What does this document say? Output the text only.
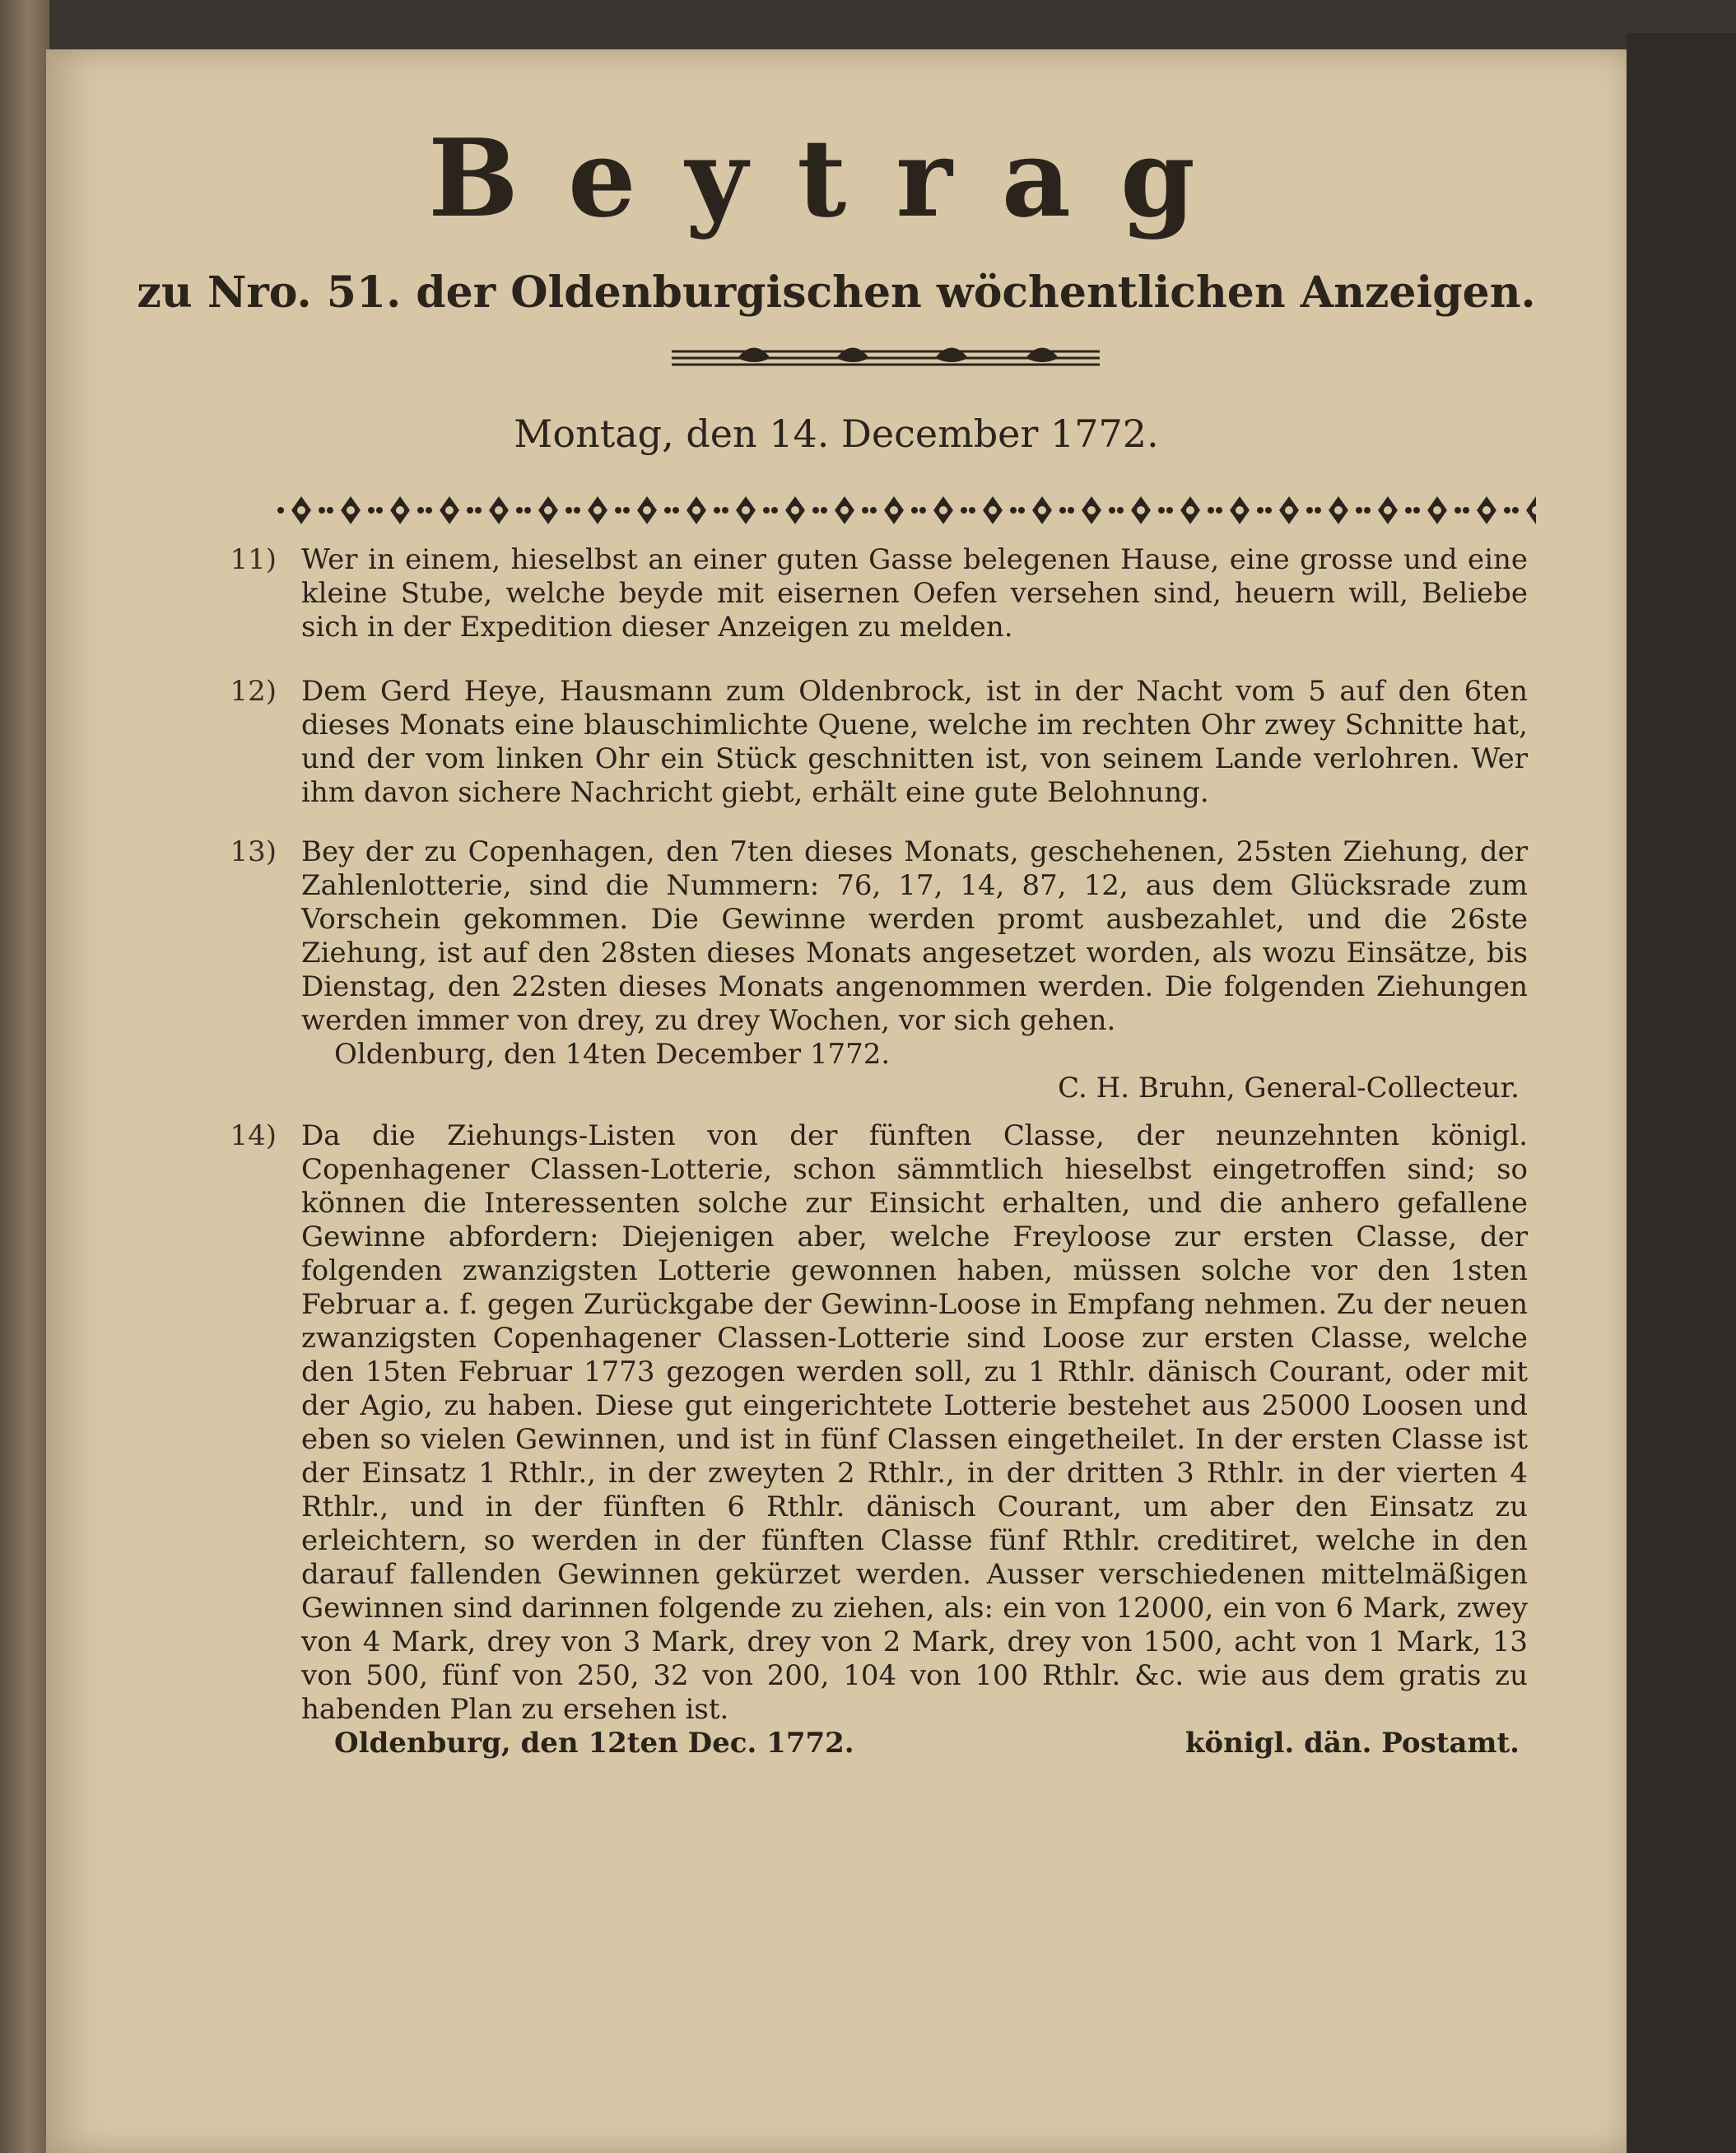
Beytrag
zu Nro. 51. der Oldenburgischen wöchentlichen Anzeigen.
Montag, den 14. December 1772.
11) Wer in einem, hieselbst an einer guten Gasse belegenen Hause, eine grosse und eine kleine Stube, welche beyde mit eisernen Oefen versehen sind, heuern will, Beliebe sich in der Expedition dieser Anzeigen zu melden.
12) Dem Gerd Heye, Hausmann zum Oldenbrock, ist in der Nacht vom 5 auf den 6ten dieses Monats eine blauschimlichte Quene, welche im rechten Ohr zwey Schnitte hat, und der vom linken Ohr ein Stück geschnitten ist, von seinem Lande verlohren. Wer ihm davon sichere Nachricht giebt, erhält eine gute Belohnung.
13) Bey der zu Copenhagen, den 7ten dieses Monats, geschehenen, 25sten Ziehung, der Zahlenlotterie, sind die Nummern: 76, 17, 14, 87, 12, aus dem Glücksrade zum Vorschein gekommen. Die Gewinne werden promt ausbezahlet, und die 26ste Ziehung, ist auf den 28sten dieses Monats angesetzet worden, als wozu Einsätze, bis Dienstag, den 22sten dieses Monats angenommen werden. Die folgenden Ziehungen werden immer von drey, zu drey Wochen, vor sich gehen.
Oldenburg, den 14ten December 1772.
C. H. Bruhn, General-Collecteur.
14) Da die Ziehungs-Listen von der fünften Classe, der neunzehnten königl. Copenhagener Classen-Lotterie, schon sämmtlich hieselbst eingetroffen sind; so können die Interessenten solche zur Einsicht erhalten, und die anhero gefallene Gewinne abfordern: Diejenigen aber, welche Freyloose zur ersten Classe, der folgenden zwanzigsten Lotterie gewonnen haben, müssen solche vor den 1sten Februar a. f. gegen Zurückgabe der Gewinn-Loose in Empfang nehmen. Zu der neuen zwanzigsten Copenhagener Classen-Lotterie sind Loose zur ersten Classe, welche den 15ten Februar 1773 gezogen werden soll, zu 1 Rthlr. dänisch Courant, oder mit der Agio, zu haben. Diese gut eingerichtete Lotterie bestehet aus 25000 Loosen und eben so vielen Gewinnen, und ist in fünf Classen eingetheilet. In der ersten Classe ist der Einsatz 1 Rthlr., in der zweyten 2 Rthlr., in der dritten 3 Rthlr. in der vierten 4 Rthlr., und in der fünften 6 Rthlr. dänisch Courant, um aber den Einsatz zu erleichtern, so werden in der fünften Classe fünf Rthlr. creditiret, welche in den darauf fallenden Gewinnen gekürzet werden. Ausser verschiedenen mittelmäßigen Gewinnen sind darinnen folgende zu ziehen, als: ein von 12000, ein von 6 Mark, zwey von 4 Mark, drey von 3 Mark, drey von 2 Mark, drey von 1500, acht von 1 Mark, 13 von 500, fünf von 250, 32 von 200, 104 von 100 Rthlr. &c. wie aus dem gratis zu habenden Plan zu ersehen ist.
Oldenburg, den 12ten Dec. 1772.	königl. dän. Postamt.
